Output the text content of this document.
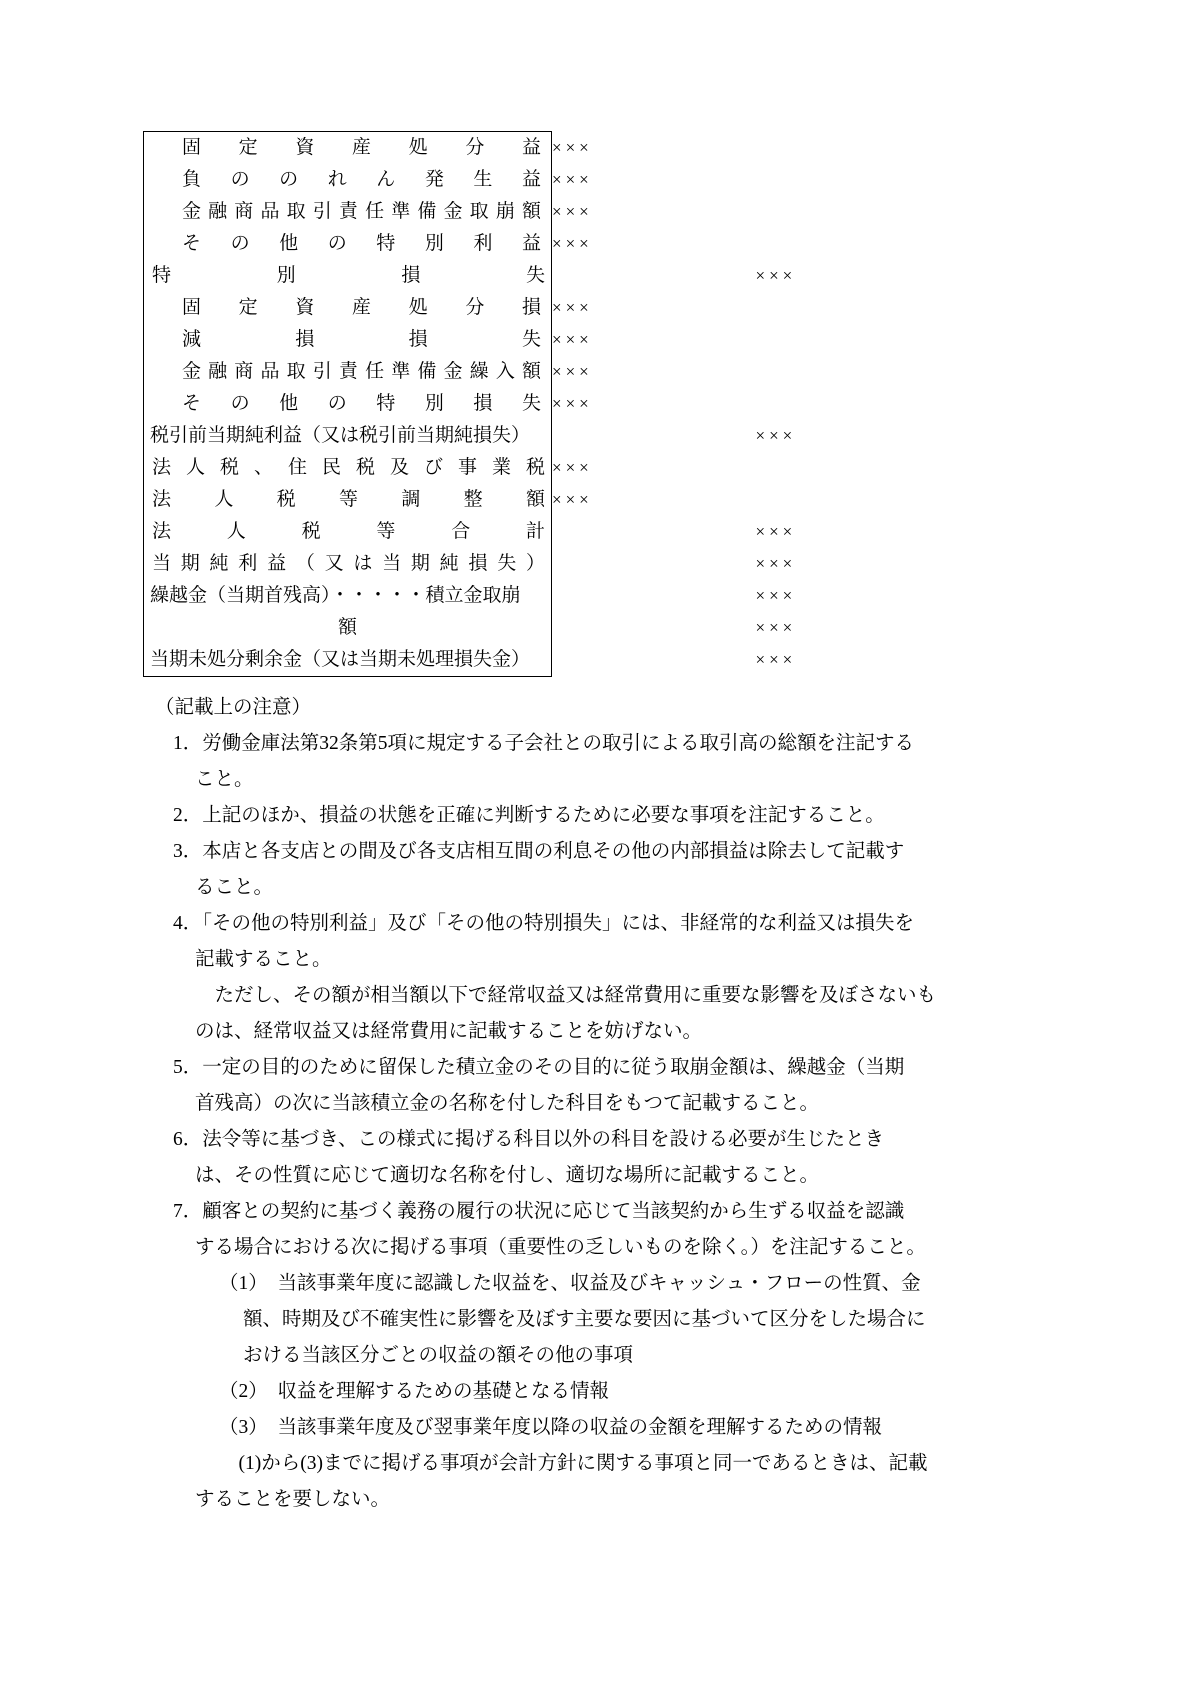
固定資産処分益	×××	

負ののれん発生益	×××	

金融商品取引責任準備金取崩額	×××	

その他の特別利益	×××	

特別損失		×××

固定資産処分損	×××	

減損損失	×××	

金融商品取引責任準備金繰入額	×××	

その他の特別損失	×××	

税引前当期純利益（又は税引前当期純損失）		×××

法人税、住民税及び事業税	×××	

法人税等調整額	×××	

法人税等合計		×××

当期純利益（又は当期純損失）		×××

繰越金（当期首残高）・・・・・積立金取崩		×××

額		×××

当期未処分剰余金（又は当期未処理損失金）		×××
（記載上の注意）
1．労働金庫法第32条第5項に規定する子会社との取引による取引高の総額を注記する
こと。
2．上記のほか、損益の状態を正確に判断するために必要な事項を注記すること。
3．本店と各支店との間及び各支店相互間の利息その他の内部損益は除去して記載す
ること。
4．「その他の特別利益」及び「その他の特別損失」には、非経常的な利益又は損失を
記載すること。
　ただし、その額が相当額以下で経常収益又は経常費用に重要な影響を及ぼさないも
のは、経常収益又は経常費用に記載することを妨げない。
5．一定の目的のために留保した積立金のその目的に従う取崩金額は、繰越金（当期
首残高）の次に当該積立金の名称を付した科目をもつて記載すること。
6．法令等に基づき、この様式に掲げる科目以外の科目を設ける必要が生じたとき
は、その性質に応じて適切な名称を付し、適切な場所に記載すること。
7．顧客との契約に基づく義務の履行の状況に応じて当該契約から生ずる収益を認識
する場合における次に掲げる事項（重要性の乏しいものを除く。）を注記すること。
（1）　 当該事業年度に認識した収益を、収益及びキャッシュ・フローの性質、金
額、時期及び不確実性に影響を及ぼす主要な要因に基づいて区分をした場合に
おける当該区分ごとの収益の額その他の事項
（2）　 収益を理解するための基礎となる情報
（3）　 当該事業年度及び翌事業年度以降の収益の金額を理解するための情報
　(1)から(3)までに掲げる事項が会計方針に関する事項と同一であるときは、記載
することを要しない。
